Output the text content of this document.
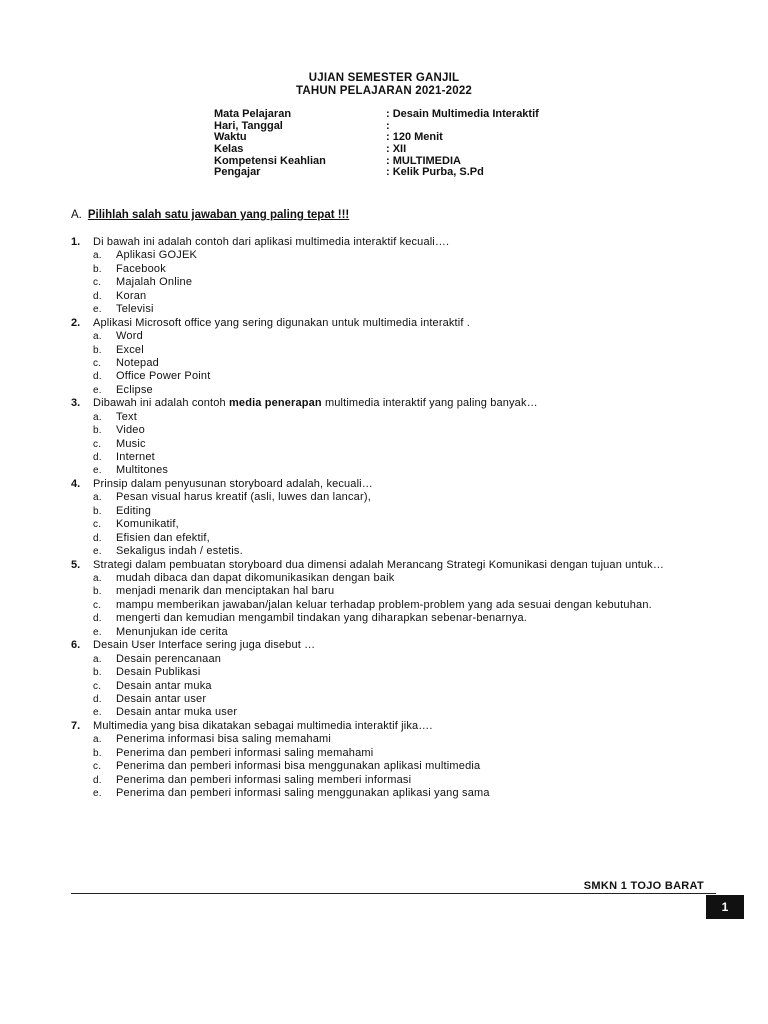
UJIAN SEMESTER GANJIL
TAHUN PELAJARAN 2021-2022
Mata Pelajaran	: Desain Multimedia Interaktif
Hari, Tanggal	:
Waktu	: 120 Menit
Kelas	: XII
Kompetensi Keahlian	: MULTIMEDIA
Pengajar	: Kelik Purba, S.Pd
A. Pilihlah salah satu jawaban yang paling tepat !!!
1. Di bawah ini adalah contoh dari aplikasi multimedia interaktif kecuali….
a. Aplikasi GOJEK
b. Facebook
c. Majalah Online
d. Koran
e. Televisi
2. Aplikasi Microsoft office yang sering digunakan untuk multimedia interaktif .
a. Word
b. Excel
c. Notepad
d. Office Power Point
e. Eclipse
3. Dibawah ini adalah contoh media penerapan multimedia interaktif yang paling banyak…
a. Text
b. Video
c. Music
d. Internet
e. Multitones
4. Prinsip dalam penyusunan storyboard adalah, kecuali…
a. Pesan visual harus kreatif (asli, luwes dan lancar),
b. Editing
c. Komunikatif,
d. Efisien dan efektif,
e. Sekaligus indah / estetis.
5. Strategi dalam pembuatan storyboard dua dimensi adalah Merancang Strategi Komunikasi dengan tujuan untuk…
a. mudah dibaca dan dapat dikomunikasikan dengan baik
b. menjadi menarik dan menciptakan hal baru
c. mampu memberikan jawaban/jalan keluar terhadap problem-problem yang ada sesuai dengan kebutuhan.
d. mengerti dan kemudian mengambil tindakan yang diharapkan sebenar-benarnya.
e. Menunjukan ide cerita
6. Desain User Interface sering juga disebut …
a. Desain perencanaan
b. Desain Publikasi
c. Desain antar muka
d. Desain antar user
e. Desain antar muka user
7. Multimedia yang bisa dikatakan sebagai multimedia interaktif jika….
a. Penerima informasi bisa saling memahami
b. Penerima dan pemberi informasi saling memahami
c. Penerima dan pemberi informasi bisa menggunakan aplikasi multimedia
d. Penerima dan pemberi informasi saling memberi informasi
e. Penerima dan pemberi informasi saling menggunakan aplikasi yang sama
SMKN 1 TOJO BARAT
1
